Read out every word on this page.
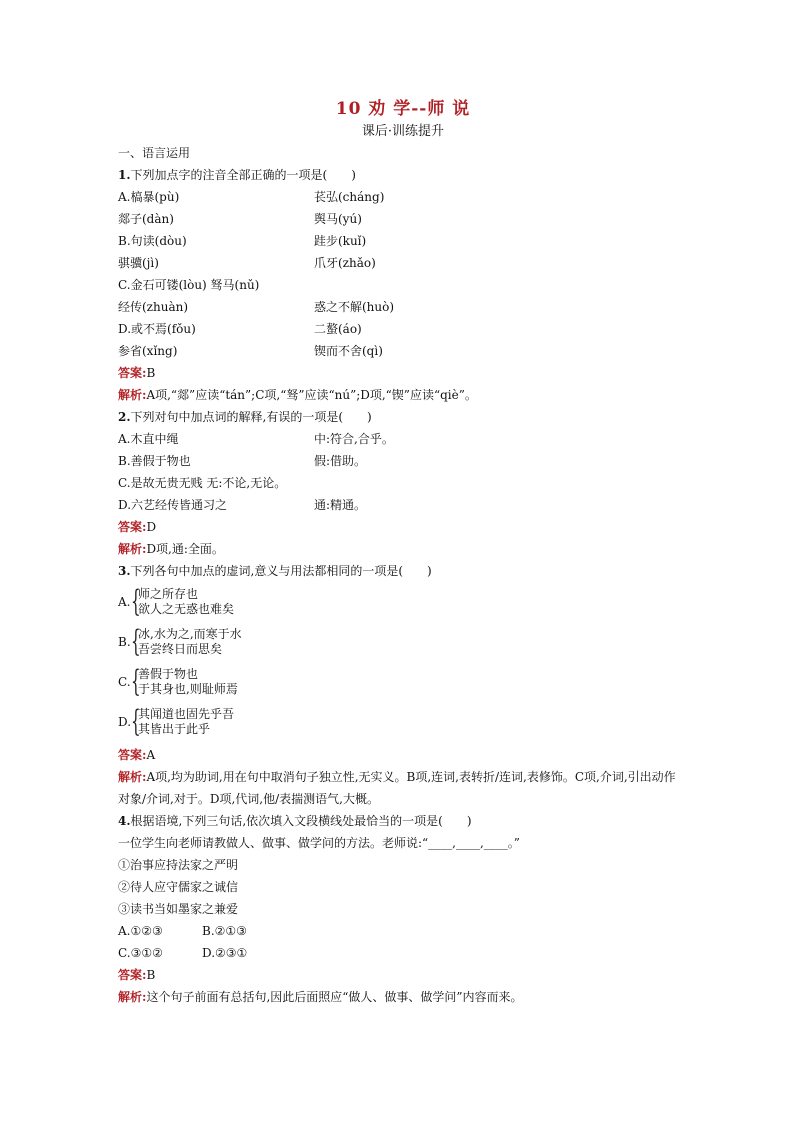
10 劝 学--师 说
课后·训练提升
一、语言运用
1.下列加点字的注音全部正确的一项是(　　)
A.槁暴(pù)	苌弘(cháng)
郯子(dàn)	舆马(yú)
B.句读(dòu)	跬步(kuǐ)
骐骥(jì)	爪牙(zhǎo)
C.金石可镂(lòu) 驽马(nǔ)
经传(zhuàn)	惑之不解(huò)
D.或不焉(fǒu)	二螯(áo)
参省(xǐng)	锲而不舍(qì)
答案:B
解析:A项,“郯”应读“tán”;C项,“驽”应读“nú”;D项,“锲”应读“qiè”。
2.下列对句中加点词的解释,有误的一项是(　　)
A.木直中绳	中:符合,合乎。
B.善假于物也	假:借助。
C.是故无贵无贱 无:不论,无论。
D.六艺经传皆通习之	通:精通。
答案:D
解析:D项,通:全面。
3.下列各句中加点的虚词,意义与用法都相同的一项是(　　)
A. {
师之所存也
欲人之无惑也难矣
B. {
冰,水为之,而寒于水
吾尝终日而思矣
C. {
善假于物也
于其身也,则耻师焉
D. {
其闻道也固先乎吾
其皆出于此乎
答案:A
解析:A项,均为助词,用在句中取消句子独立性,无实义。B项,连词,表转折/连词,表修饰。C项,介词,引出动作对象/介词,对于。D项,代词,他/表揣测语气,大概。
4.根据语境,下列三句话,依次填入文段横线处最恰当的一项是(　　)
一位学生向老师请教做人、做事、做学问的方法。老师说:“____,____,____。”
①治事应持法家之严明
②待人应守儒家之诚信
③读书当如墨家之兼爱
A.①②③	B.②①③
C.③①②	D.②③①
答案:B
解析:这个句子前面有总括句,因此后面照应“做人、做事、做学问”内容而来。
